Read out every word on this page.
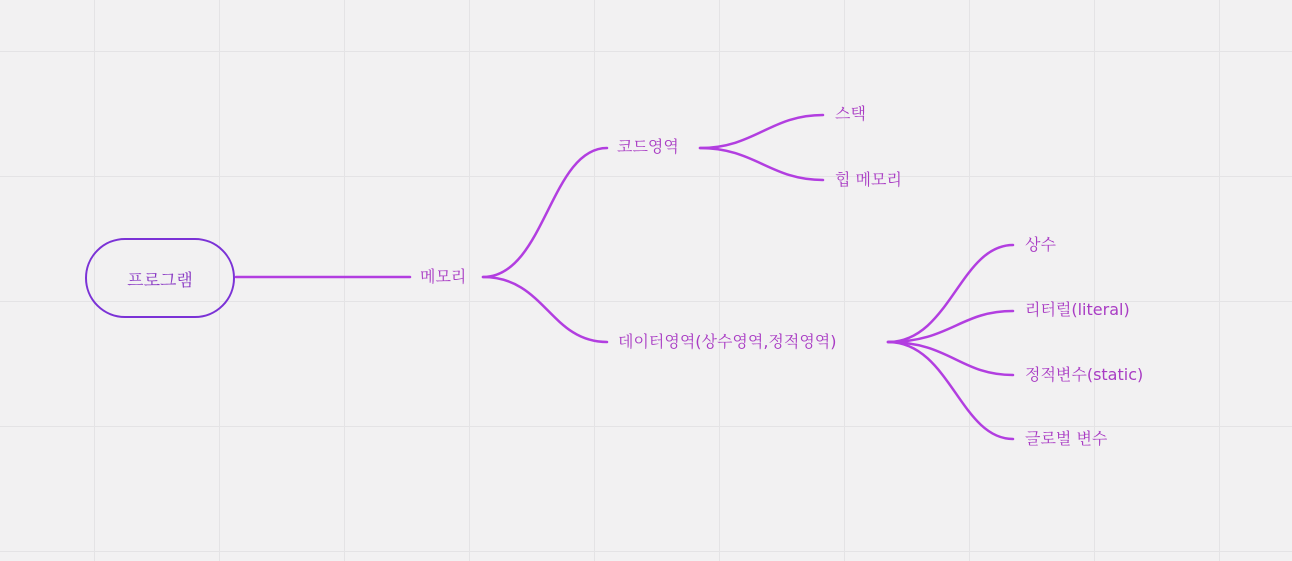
프로그램	메모리
코드영역
스택
힙 메모리
데이터영역(상수영역,정적영역)
상수
리터럴(literal)
정적변수(static)
글로벌 변수
